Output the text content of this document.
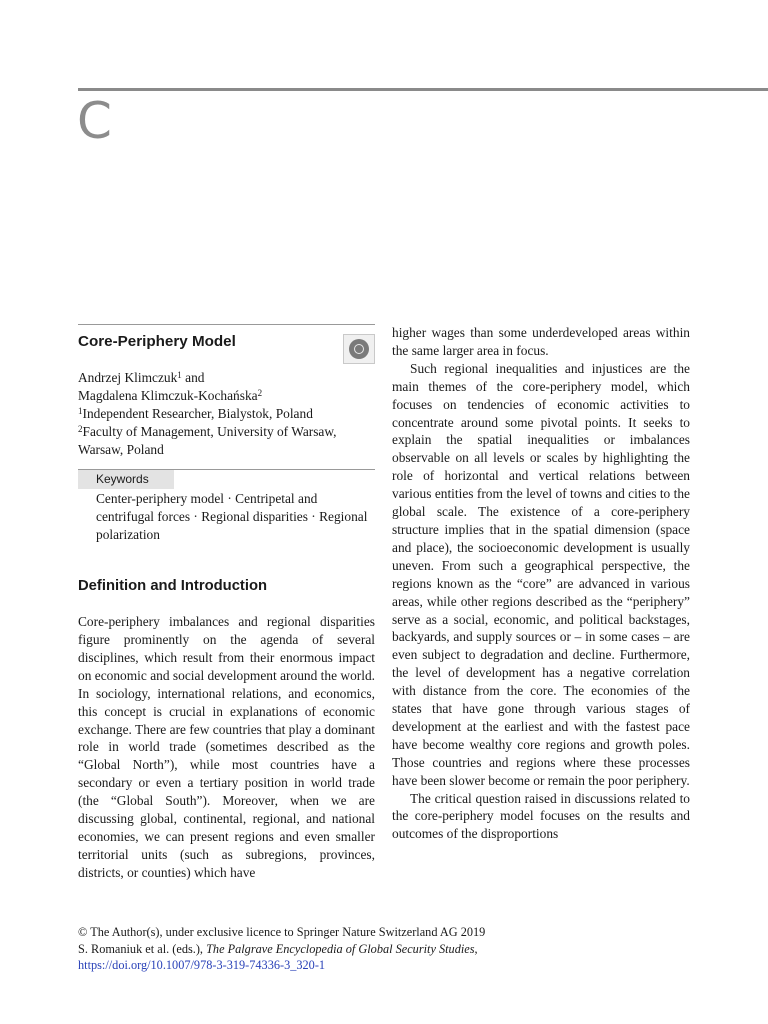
C
Core-Periphery Model
Andrzej Klimczuk$^1$ and
Magdalena Klimczuk-Kochańska$^2$
$^1$Independent Researcher, Bialystok, Poland
$^2$Faculty of Management, University of Warsaw, Warsaw, Poland
Keywords
Center-periphery model · Centripetal and centrifugal forces · Regional disparities · Regional polarization
Definition and Introduction

Core-periphery imbalances and regional disparities figure prominently on the agenda of several disciplines, which result from their enormous impact on economic and social development around the world. In sociology, international relations, and economics, this concept is crucial in explanations of economic exchange. There are few countries that play a dominant role in world trade (sometimes described as the “Global North”), while most countries have a secondary or even a tertiary position in world trade (the “Global South”). Moreover, when we are discussing global, continental, regional, and national economies, we can present regions and even smaller territorial units (such as subregions, provinces, districts, or counties) which have

higher wages than some underdeveloped areas within the same larger area in focus.

Such regional inequalities and injustices are the main themes of the core-periphery model, which focuses on tendencies of economic activities to concentrate around some pivotal points. It seeks to explain the spatial inequalities or imbalances observable on all levels or scales by highlighting the role of horizontal and vertical relations between various entities from the level of towns and cities to the global scale. The existence of a core-periphery structure implies that in the spatial dimension (space and place), the socioeconomic development is usually uneven. From such a geographical perspective, the regions known as the “core” are advanced in various areas, while other regions described as the “periphery” serve as a social, economic, and political backstages, backyards, and supply sources or – in some cases – are even subject to degradation and decline. Furthermore, the level of development has a negative correlation with distance from the core. The economies of the states that have gone through various stages of development at the earliest and with the fastest pace have become wealthy core regions and growth poles. Those countries and regions where these processes have been slower become or remain the poor periphery.

The critical question raised in discussions related to the core-periphery model focuses on the results and outcomes of the disproportions

© The Author(s), under exclusive licence to Springer Nature Switzerland AG 2019
S. Romaniuk et al. (eds.), The Palgrave Encyclopedia of Global Security Studies,
https://doi.org/10.1007/978-3-319-74336-3_320-1
